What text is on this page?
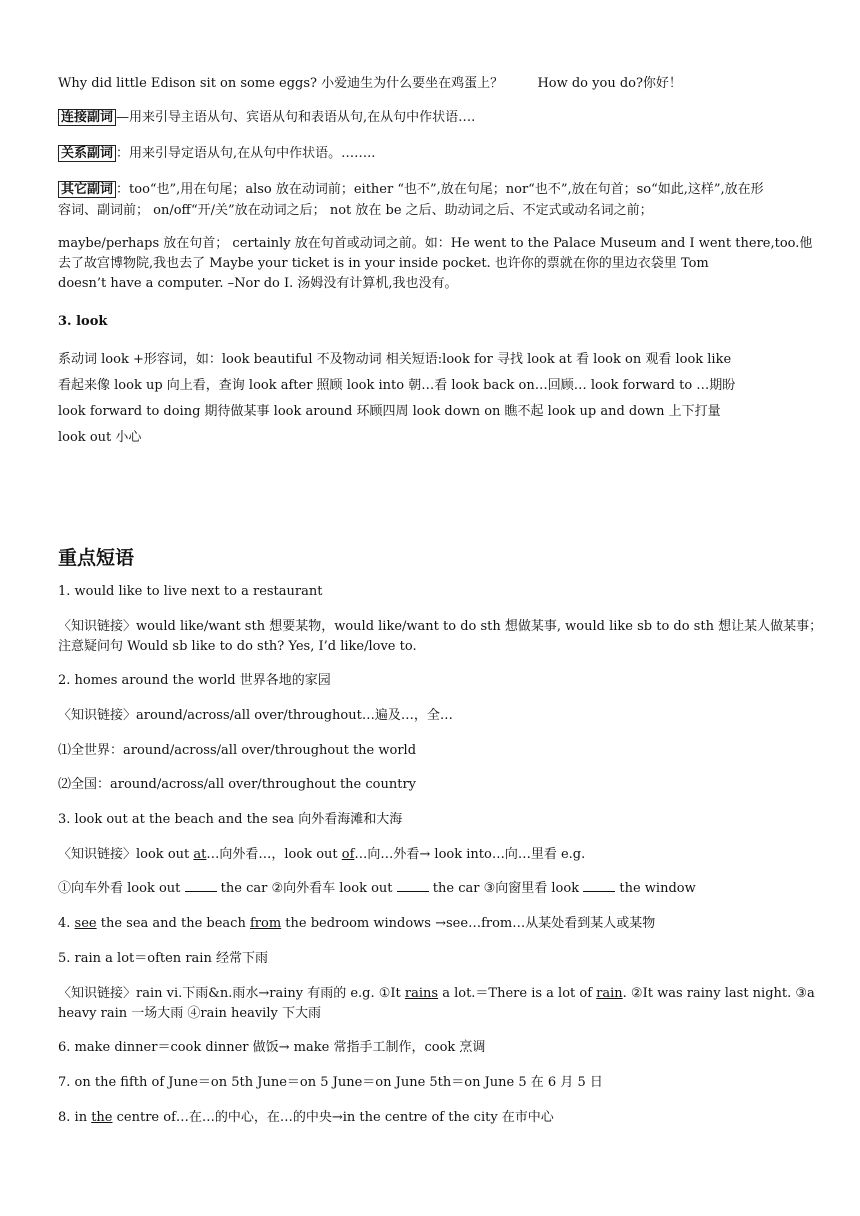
Why did little Edison sit on some eggs? 小爱迪生为什么要坐在鸡蛋上？	How do you do?你好！
连接副词 —用来引导主语从句、宾语从句和表语从句,在从句中作状语….
关系副词 ：用来引导定语从句,在从句中作状语。……..
其它副词 ：too“也”,用在句尾；also 放在动词前；either “也不”,放在句尾；nor“也不”,放在句首；so“如此,这样”,放在形
容词、副词前； on/off“开/关”放在动词之后； not 放在 be 之后、助动词之后、不定式或动名词之前；
maybe/perhaps 放在句首； certainly 放在句首或动词之前。如：He went to the Palace Museum and I went there,too.他
去了故宫博物院,我也去了 Maybe your ticket is in your inside pocket. 也许你的票就在你的里边衣袋里 Tom
doesn’t have a computer. –Nor do I. 汤姆没有计算机,我也没有。
3. look
系动词 look +形容词，如：look beautiful 不及物动词 相关短语:look for 寻找 look at 看 look on 观看 look like
看起来像 look up 向上看，查询 look after 照顾 look into 朝…看 look back on…回顾… look forward to …期盼
look forward to doing 期待做某事 look around 环顾四周 look down on 瞧不起 look up and down 上下打量
look out 小心
重点短语
1. would like to live next to a restaurant
〈知识链接〉would like/want sth 想要某物，would like/want to do sth 想做某事, would like sb to do sth 想让某人做某事；
注意疑问句 Would sb like to do sth? Yes, I’d like/love to.
2. homes around the world 世界各地的家园
〈知识链接〉around/across/all over/throughout…遍及…，全…
⑴全世界：around/across/all over/throughout the world
⑵全国：around/across/all over/throughout the country
3. look out at the beach and the sea 向外看海滩和大海
〈知识链接〉look out at…向外看…，look out of…向…外看→ look into…向…里看 e.g.
①向车外看 look out	the car ②向外看车 look out	the car ③向窗里看 look	the window
4. see the sea and the beach from the bedroom windows →see…from…从某处看到某人或某物
5. rain a lot＝often rain 经常下雨
〈知识链接〉rain vi.下雨&n.雨水→rainy 有雨的 e.g. ①It rains a lot.＝There is a lot of rain. ②It was rainy last night. ③a
heavy rain 一场大雨 ④rain heavily 下大雨
6. make dinner＝cook dinner 做饭→ make 常指手工制作，cook 烹调
7. on the fifth of June＝on 5th June＝on 5 June＝on June 5th＝on June 5 在 6 月 5 日
8. in the centre of…在…的中心，在…的中央→in the centre of the city 在市中心
